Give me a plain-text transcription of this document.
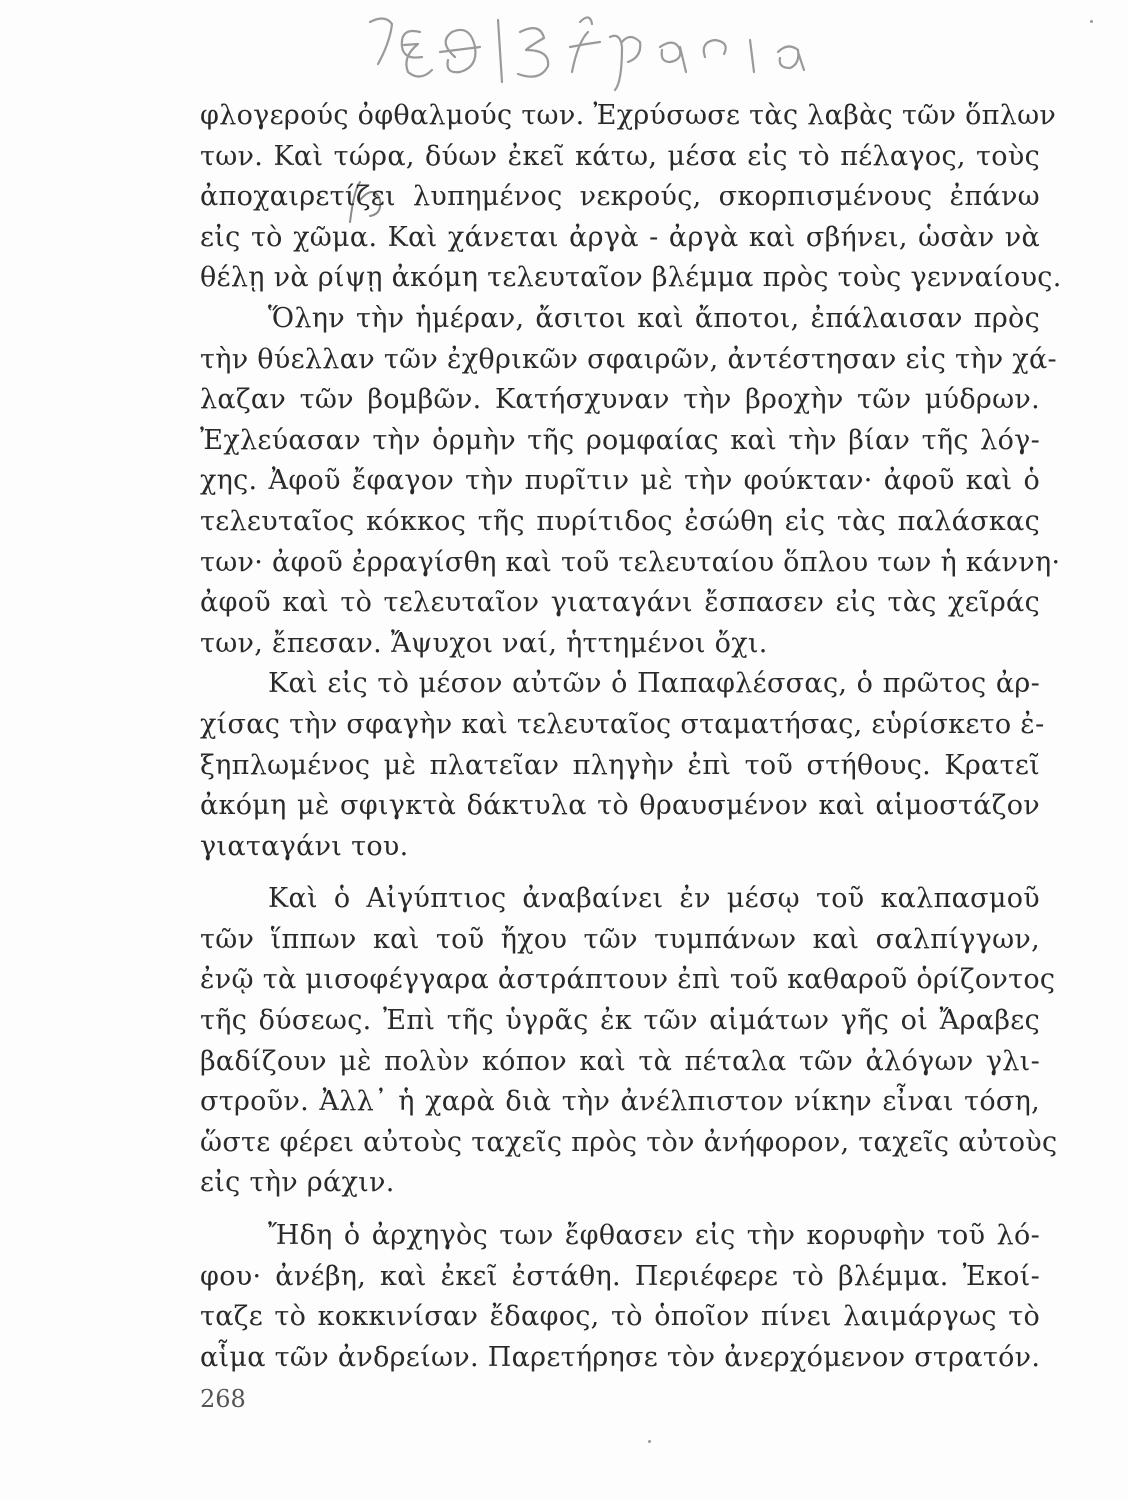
φλογερούς ὀφθαλμούς των. Ἐχρύσωσε τὰς λαβὰς τῶν ὅπλων
των. Καὶ τώρα, δύων ἐκεῖ κάτω, μέσα εἰς τὸ πέλαγος, τοὺς
ἀποχαιρετίζει λυπημένος νεκρούς, σκορπισμένους ἐπάνω
εἰς τὸ χῶμα. Καὶ χάνεται ἀργὰ - ἀργὰ καὶ σβήνει, ὡσὰν νὰ
θέλῃ νὰ ρίψῃ ἀκόμη τελευταῖον βλέμμα πρὸς τοὺς γενναίους.
Ὅλην τὴν ἡμέραν, ἄσιτοι καὶ ἄποτοι, ἐπάλαισαν πρὸς
τὴν θύελλαν τῶν ἐχθρικῶν σφαιρῶν, ἀντέστησαν εἰς τὴν χά-
λαζαν τῶν βομβῶν. Κατήσχυναν τὴν βροχὴν τῶν μύδρων.
Ἐχλεύασαν τὴν ὁρμὴν τῆς ρομφαίας καὶ τὴν βίαν τῆς λόγ-
χης. Ἀφοῦ ἔφαγον τὴν πυρῖτιν μὲ τὴν φούκταν· ἀφοῦ καὶ ὁ
τελευταῖος κόκκος τῆς πυρίτιδος ἐσώθη εἰς τὰς παλάσκας
των· ἀφοῦ ἐρραγίσθη καὶ τοῦ τελευταίου ὅπλου των ἡ κάννη·
ἀφοῦ καὶ τὸ τελευταῖον γιαταγάνι ἔσπασεν εἰς τὰς χεῖράς
των, ἔπεσαν. Ἄψυχοι ναί, ἡττημένοι ὄχι.
Καὶ εἰς τὸ μέσον αὐτῶν ὁ Παπαφλέσσας, ὁ πρῶτος ἀρ-
χίσας τὴν σφαγὴν καὶ τελευταῖος σταματήσας, εὑρίσκετο ἐ-
ξηπλωμένος μὲ πλατεῖαν πληγὴν ἐπὶ τοῦ στήθους. Κρατεῖ
ἀκόμη μὲ σφιγκτὰ δάκτυλα τὸ θραυσμένον καὶ αἱμοστάζον
γιαταγάνι του.
Καὶ ὁ Αἰγύπτιος ἀναβαίνει ἐν μέσῳ τοῦ καλπασμοῦ
τῶν ἵππων καὶ τοῦ ἤχου τῶν τυμπάνων καὶ σαλπίγγων,
ἐνῷ τὰ μισοφέγγαρα ἀστράπτουν ἐπὶ τοῦ καθαροῦ ὁρίζοντος
τῆς δύσεως. Ἐπὶ τῆς ὑγρᾶς ἐκ τῶν αἱμάτων γῆς οἱ Ἄραβες
βαδίζουν μὲ πολὺν κόπον καὶ τὰ πέταλα τῶν ἀλόγων γλι-
στροῦν. Ἀλλ᾽ ἡ χαρὰ διὰ τὴν ἀνέλπιστον νίκην εἶναι τόση,
ὥστε φέρει αὐτοὺς ταχεῖς πρὸς τὸν ἀνήφορον, ταχεῖς αὐτοὺς
εἰς τὴν ράχιν.
Ἤδη ὁ ἀρχηγὸς των ἔφθασεν εἰς τὴν κορυφὴν τοῦ λό-
φου· ἀνέβη, καὶ ἐκεῖ ἐστάθη. Περιέφερε τὸ βλέμμα. Ἐκοί-
ταζε τὸ κοκκινίσαν ἔδαφος, τὸ ὁποῖον πίνει λαιμάργως τὸ
αἷμα τῶν ἀνδρείων. Παρετήρησε τὸν ἀνερχόμενον στρατόν.
268
